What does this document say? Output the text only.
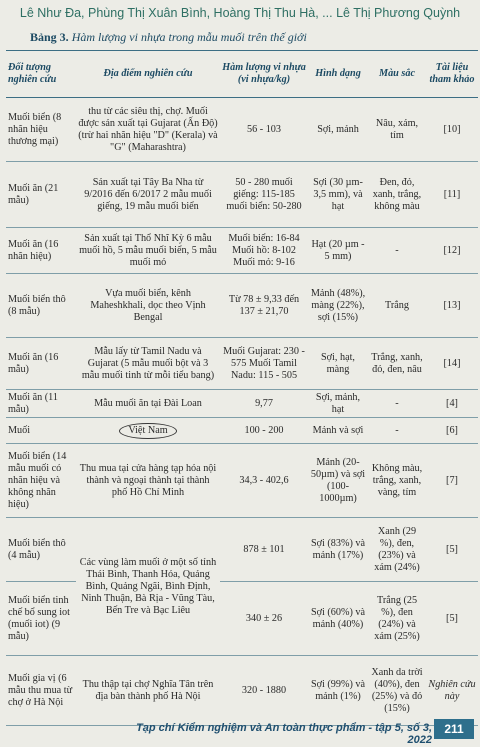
Lê Như Đa, Phùng Thị Xuân Bình, Hoàng Thị Thu Hà, ... Lê Thị Phương Quỳnh
Bảng 3. Hàm lượng vi nhựa trong mẫu muối trên thế giới
Đối tượng nghiên cứu	Địa điểm nghiên cứu	Hàm lượng vi nhựa (vi nhựa/kg)	Hình dạng	Màu sắc	Tài liệu tham khảo
Muối biển (8 nhãn hiệu thương mại)	thu từ các siêu thị, chợ. Muối được sản xuất tại Gujarat (Ấn Độ) (trừ hai nhãn hiệu "D" (Kerala) và "G" (Maharashtra)	56 - 103	Sợi, mảnh	Nâu, xám, tím	[10]
Muối ăn (21 mẫu)	Sản xuất tại Tây Ba Nha từ 9/2016 đến 6/2017 2 mẫu muối giếng, 19 mẫu muối biển	50 - 280 muối giếng: 115-185 muối biển: 50-280	Sợi (30 µm-3,5 mm), và hạt	Đen, đỏ, xanh, trắng, không màu	[11]
Muối ăn (16 nhãn hiệu)	Sản xuất tại Thổ Nhĩ Kỳ 6 mẫu muối hồ, 5 mẫu muối biển, 5 mẫu muối mỏ	Muối biển: 16-84 Muối hồ: 8-102 Muối mỏ: 9-16	Hạt (20 µm - 5 mm)	-	[12]
Muối biển thô (8 mẫu)	Vựa muối biển, kênh Maheshkhali, dọc theo Vịnh Bengal	Từ 78 ± 9,33 đến 137 ± 21,70	Mảnh (48%), màng (22%), sợi (15%)	Trắng	[13]
Muối ăn (16 mẫu)	Mẫu lấy từ Tamil Nadu và Gujarat (5 mẫu muối bột và 3 mẫu muối tinh từ mỗi tiểu bang)	Muối Gujarat: 230 - 575 Muối Tamil Nadu: 115 - 505	Sợi, hạt, màng	Trắng, xanh, đỏ, đen, nâu	[14]
Muối ăn (11 mẫu)	Mẫu muối ăn tại Đài Loan	9,77	Sợi, mảnh, hạt	-	[4]
Muối	Việt Nam	100 - 200	Mảnh và sợi	-	[6]
Muối biển (14 mẫu muối có nhãn hiệu và không nhãn hiệu)	Thu mua tại cửa hàng tạp hóa nội thành và ngoại thành tại thành phố Hồ Chí Minh	34,3 - 402,6	Mảnh (20-50µm) và sợi (100-1000µm)	Không màu, trắng, xanh, vàng, tím	[7]
Muối biển thô (4 mẫu)	Các vùng làm muối ở một số tỉnh Thái Bình, Thanh Hóa, Quảng Bình, Quảng Ngãi, Bình Định, Ninh Thuận, Bà Rịa - Vũng Tàu, Bến Tre và Bạc Liêu	878 ± 101	Sợi (83%) và mảnh (17%)	Xanh (29 %), đen, (23%) và xám (24%)	[5]
Muối biển tinh chế bổ sung iot (muối iot) (9 mẫu)		340 ± 26	Sợi (60%) và mảnh (40%)	Trắng (25 %), đen (24%) và xám (25%)	[5]
Muối gia vị (6 mẫu thu mua từ chợ ở Hà Nội	Thu thập tại chợ Nghĩa Tân trên địa bàn thành phố Hà Nội	320 - 1880	Sợi (99%) và mảnh (1%)	Xanh da trời (40%), đen (25%) và đỏ (15%)	Nghiên cứu này
Tạp chí Kiểm nghiệm và An toàn thực phẩm - tập 5, số 3, 2022
211
